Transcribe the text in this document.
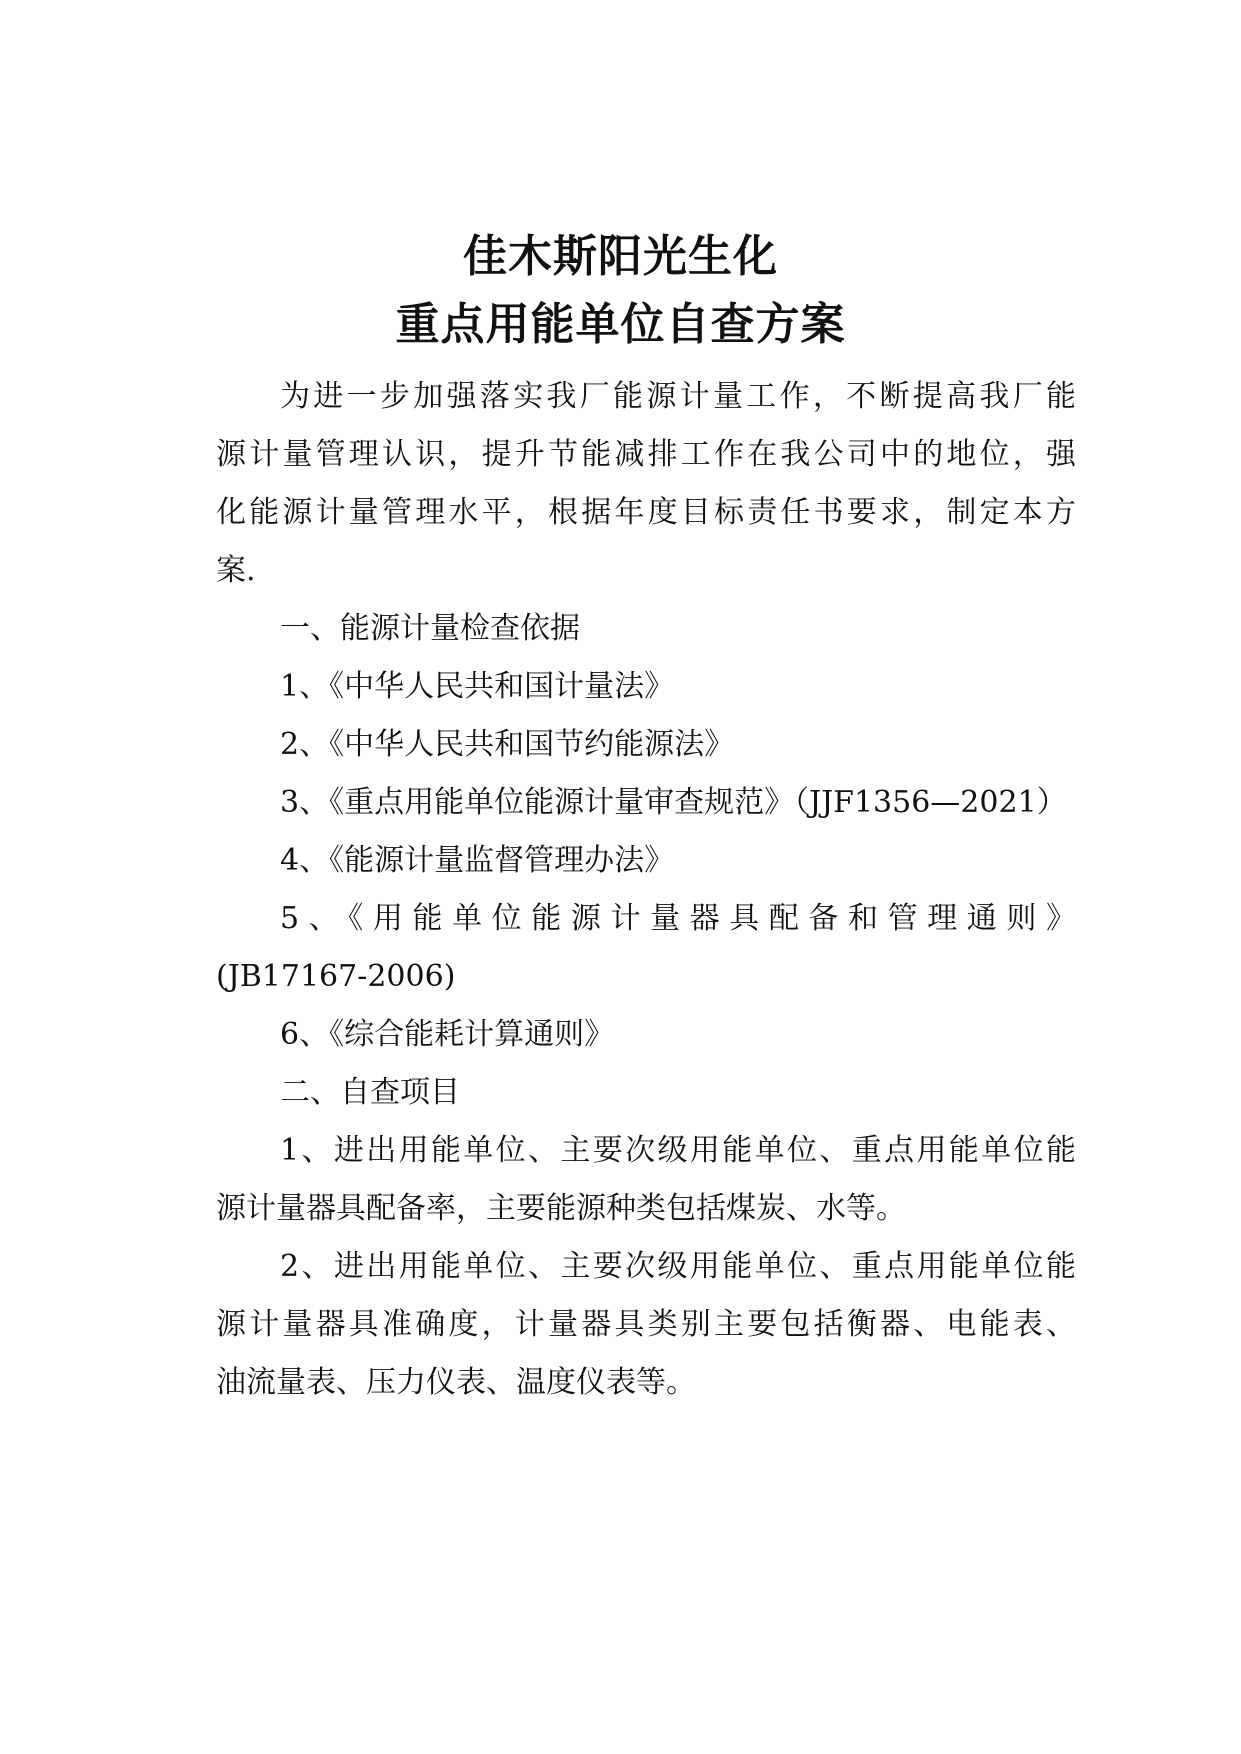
佳木斯阳光生化
重点用能单位自查方案
为进一步加强落实我厂能源计量工作，不断提高我厂能
源计量管理认识，提升节能减排工作在我公司中的地位，强
化能源计量管理水平，根据年度目标责任书要求，制定本方
案.
一、能源计量检查依据
1、《中华人民共和国计量法》
2、《中华人民共和国节约能源法》
3、《重点用能单位能源计量审查规范》（JJF1356—2021）
4、《能源计量监督管理办法》
5、《用能单位能源计量器具配备和管理通则》
(JB17167-2006)
6、《综合能耗计算通则》
二、自查项目
1、进出用能单位、主要次级用能单位、重点用能单位能
源计量器具配备率，主要能源种类包括煤炭、水等。
2、进出用能单位、主要次级用能单位、重点用能单位能
源计量器具准确度，计量器具类别主要包括衡器、电能表、
油流量表、压力仪表、温度仪表等。
